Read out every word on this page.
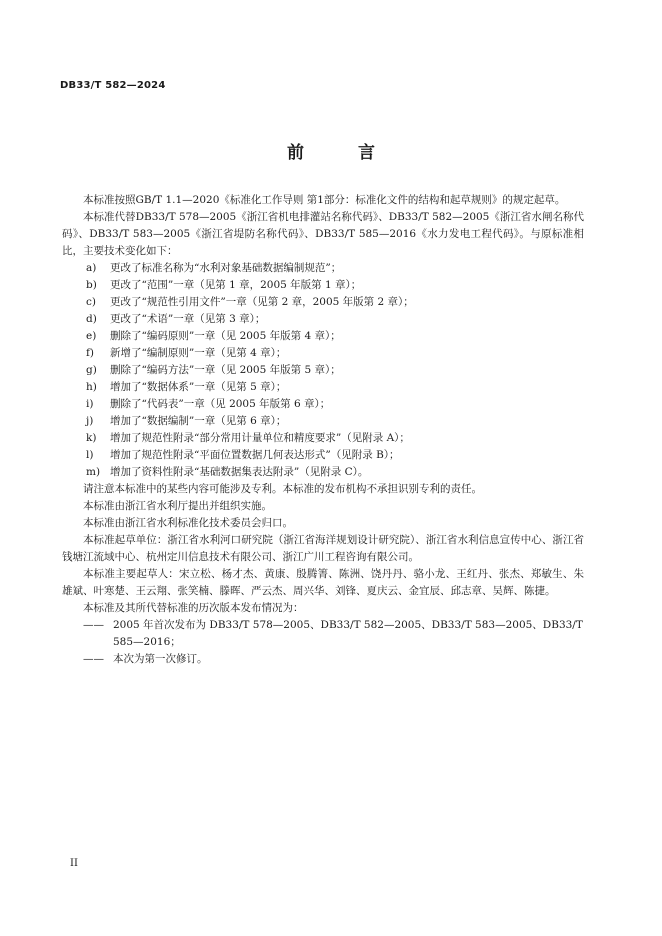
DB33/T 582—2024
前 言

本标准按照GB/T 1.1—2020《标准化工作导则 第1部分：标准化文件的结构和起草规则》的规定起草。

本标准代替DB33/T 578—2005《浙江省机电排灌站名称代码》、DB33/T 582—2005《浙江省水闸名称代码》、DB33/T 583—2005《浙江省堤防名称代码》、DB33/T 585—2016《水力发电工程代码》。与原标准相比，主要技术变化如下：

a)	更改了标准名称为“水利对象基础数据编制规范”；
b)	更改了“范围”一章（见第 1 章，2005 年版第 1 章）；
c)	更改了“规范性引用文件”一章（见第 2 章，2005 年版第 2 章）；
d)	更改了“术语”一章（见第 3 章）；
e)	删除了“编码原则”一章（见 2005 年版第 4 章）；
f)	新增了“编制原则”一章（见第 4 章）；
g)	删除了“编码方法”一章（见 2005 年版第 5 章）；
h)	增加了“数据体系”一章（见第 5 章）；
i)	删除了“代码表”一章（见 2005 年版第 6 章）；
j)	增加了“数据编制”一章（见第 6 章）；
k)	增加了规范性附录“部分常用计量单位和精度要求”（见附录 A）；
l)	增加了规范性附录“平面位置数据几何表达形式”（见附录 B）；
m) 增加了资料性附录“基础数据集表达附录”（见附录 C）。

请注意本标准中的某些内容可能涉及专利。本标准的发布机构不承担识别专利的责任。

本标准由浙江省水利厅提出并组织实施。

本标准由浙江省水利标准化技术委员会归口。

本标准起草单位：浙江省水利河口研究院（浙江省海洋规划设计研究院）、浙江省水利信息宣传中心、浙江省钱塘江流域中心、杭州定川信息技术有限公司、浙江广川工程咨询有限公司。

本标准主要起草人：宋立松、杨才杰、黄康、殷腾箐、陈洲、饶丹丹、骆小龙、王红丹、张杰、郑敏生、朱雄斌、叶寒楚、王云翔、张笑楠、滕晖、严云杰、周兴华、刘锋、夏庆云、金宜辰、邱志章、吴辉、陈捷。

本标准及其所代替标准的历次版本发布情况为：

—— 2005 年首次发布为 DB33/T 578—2005、DB33/T 582—2005、DB33/T 583—2005、DB33/T 585—2016；
—— 本次为第一次修订。
II
